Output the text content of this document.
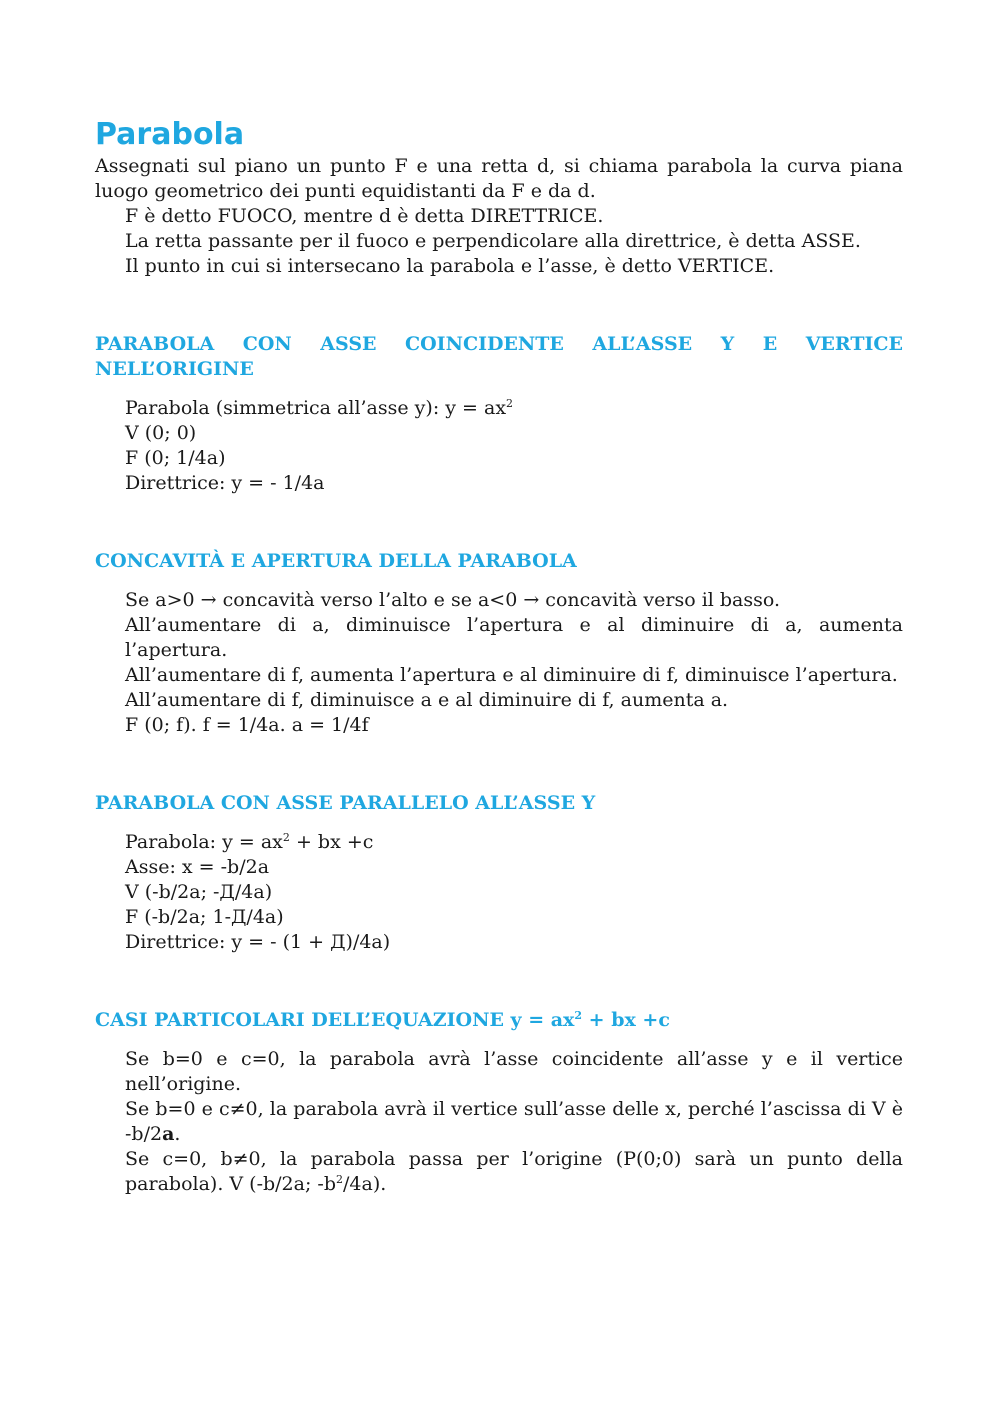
Parabola

Assegnati sul piano un punto F e una retta d, si chiama parabola la curva piana luogo geometrico dei punti equidistanti da F e da d.

F è detto FUOCO, mentre d è detta DIRETTRICE.
La retta passante per il fuoco e perpendicolare alla direttrice, è detta ASSE.
Il punto in cui si intersecano la parabola e l’asse, è detto VERTICE.
PARABOLA CON ASSE COINCIDENTE ALL’ASSE Y E VERTICE NELL’ORIGINE
Parabola (simmetrica all’asse y): $y = ax^2$
V (0; 0)
F (0; 1/4a)
Direttrice: y = - 1/4a
CONCAVITÀ E APERTURA DELLA PARABOLA
Se a>0 → concavità verso l’alto e se a<0 → concavità verso il basso.
All’aumentare di a, diminuisce l’apertura e al diminuire di a, aumenta l’apertura.
All’aumentare di f, aumenta l’apertura e al diminuire di f, diminuisce l’apertura.
All’aumentare di f, diminuisce a e al diminuire di f, aumenta a.
F (0; f). f = 1/4a. a = 1/4f
PARABOLA CON ASSE PARALLELO ALL’ASSE Y
Parabola: $y = ax^2$ + bx +c
Asse: x = -b/2a
V (-b/2a; -Д/4a)
F (-b/2a; 1-Д/4a)
Direttrice: y = - (1 + Д)/4a)
CASI PARTICOLARI DELL’EQUAZIONE $y = ax^2$ + bx +c
Se b=0 e c=0, la parabola avrà l’asse coincidente all’asse y e il vertice nell’origine.
Se b=0 e c≠0, la parabola avrà il vertice sull’asse delle x, perché l’ascissa di V è -b/2a.
Se c=0, b≠0, la parabola passa per l’origine (P(0;0) sarà un punto della parabola). V (-b/2a; $-b^2/4a$).
